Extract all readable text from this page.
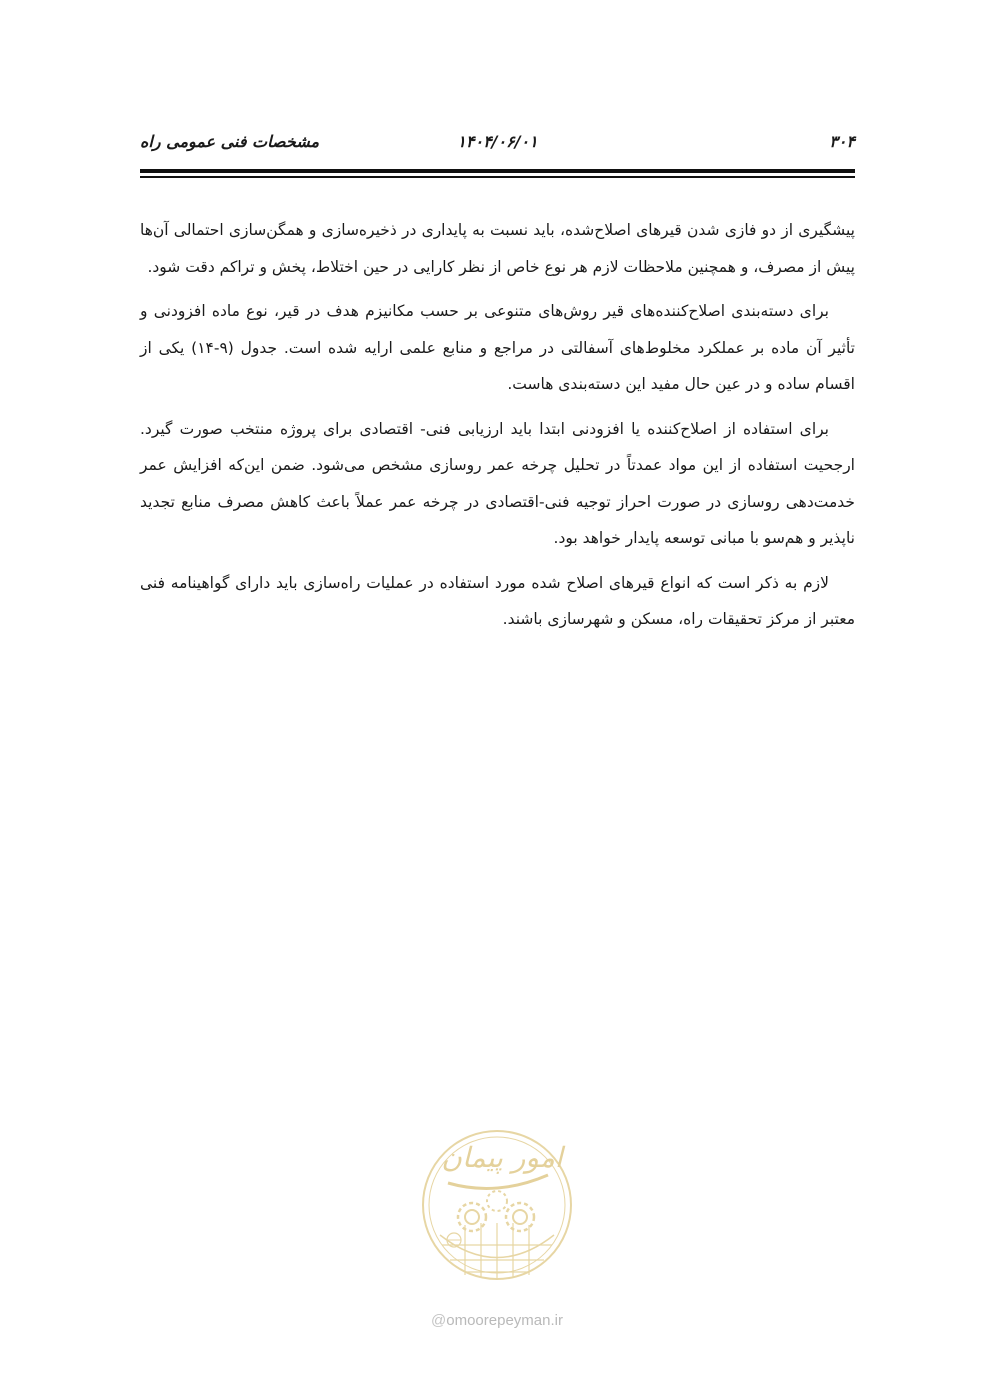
۳۰۴
۱۴۰۴/۰۶/۰۱
مشخصات فنی عمومی راه

پیشگیری از دو فازی شدن قیرهای اصلاح‌شده، باید نسبت به پایداری در ذخیره‌سازی و همگن‌سازی احتمالی آن‌ها پیش از مصرف، و همچنین ملاحظات لازم هر نوع خاص از نظر کارایی در حین اختلاط، پخش و تراکم دقت شود.

برای دسته‌بندی اصلاح‌کننده‌های قیر روش‌های متنوعی بر حسب مکانیزم هدف در قیر، نوع ماده افزودنی و تأثیر آن ماده بر عملکرد مخلوط‌های آسفالتی در مراجع و منابع علمی ارایه شده است. جدول (۹-۱۴) یکی از اقسام ساده و در عین حال مفید این دسته‌بندی هاست.

برای استفاده از اصلاح‌کننده یا افزودنی ابتدا باید ارزیابی فنی- اقتصادی برای پروژه منتخب صورت گیرد. ارجحیت استفاده از این مواد عمدتاً در تحلیل چرخه عمر روسازی مشخص می‌شود. ضمن این‌که افزایش عمر خدمت‌دهی روسازی در صورت احراز توجیه فنی-اقتصادی در چرخه عمر عملاً باعث کاهش مصرف منابع تجدید ناپذیر و هم‌سو با مبانی توسعه پایدار خواهد بود.

لازم به ذکر است که انواع قیرهای اصلاح شده مورد استفاده در عملیات راه‌سازی باید دارای گواهینامه فنی معتبر از مرکز تحقیقات راه، مسکن و شهرسازی باشند.

امور پیمان
@omoorepeyman.ir
